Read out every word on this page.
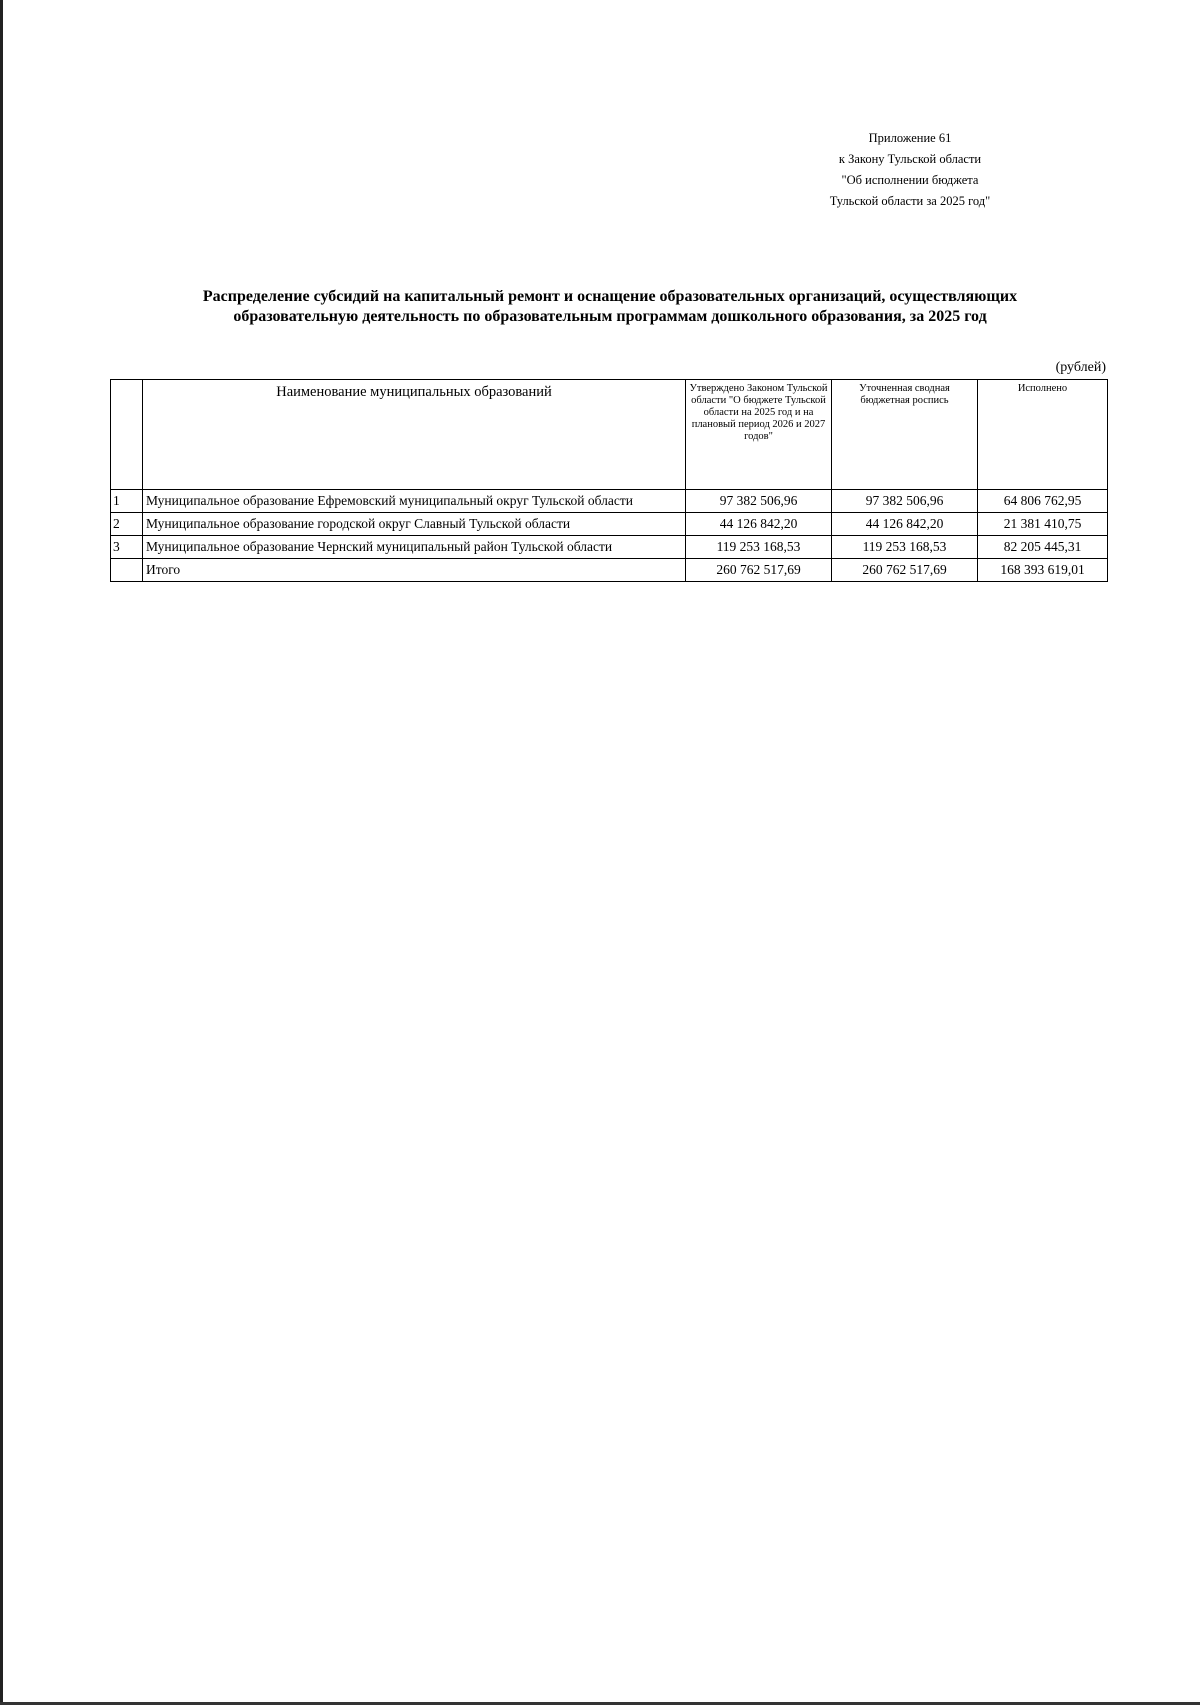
Приложение 61
к Закону Тульской области
"Об исполнении бюджета
Тульской области за 2025 год"
Распределение субсидий на капитальный ремонт и оснащение образовательных организаций, осуществляющих
образовательную деятельность по образовательным программам дошкольного образования, за 2025 год
(рублей)
	Наименование муниципальных образований	Утверждено Законом Тульской области "О бюджете Тульской области на 2025 год и на плановый период 2026 и 2027 годов"	Уточненная сводная бюджетная роспись	Исполнено
1	Муниципальное образование Ефремовский муниципальный округ Тульской области	97 382 506,96	97 382 506,96	64 806 762,95
2	Муниципальное образование городской округ Славный Тульской области	44 126 842,20	44 126 842,20	21 381 410,75
3	Муниципальное образование Чернский муниципальный район Тульской области	119 253 168,53	119 253 168,53	82 205 445,31
	Итого	260 762 517,69	260 762 517,69	168 393 619,01
